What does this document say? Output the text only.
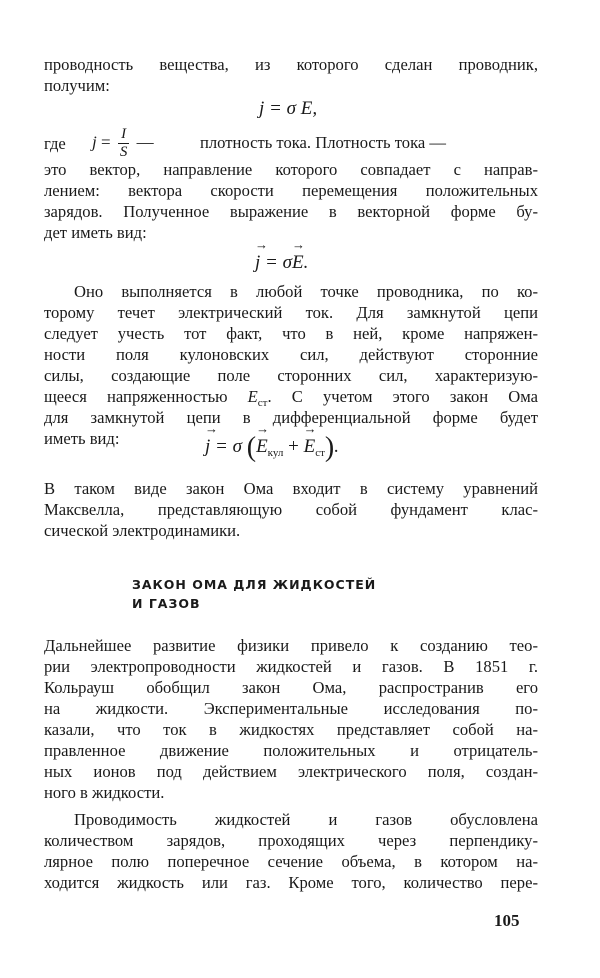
проводность вещества, из которого сделан проводник,
получим:
j = σ E,
где $j = \frac{I}{S}$ —	плотность тока. Плотность тока —
это вектор, направление которого совпадает с направ-
лением: вектора скорости перемещения положительных
зарядов. Полученное выражение в векторной форме бу-
дет иметь вид:
→ j = σ→ E.
Оно выполняется в любой точке проводника, по ко-
торому течет электрический ток. Для замкнутой цепи
следует учесть тот факт, что в ней, кроме напряжен-
ности поля кулоновских сил, действуют сторонние
силы, создающие поле сторонних сил, характеризую-
щееся напряженностью $E_{ст}$. С учетом этого закон Ома
для замкнутой цепи в дифференциальной форме будет
иметь вид:
→	j = σ (→ $E_{кул}$ + → $E_{ст}$).
В таком виде закон Ома входит в систему уравнений
Максвелла, представляющую собой фундамент клас-
сической электродинамики.
ЗАКОН ОМА ДЛЯ ЖИДКОСТЕЙ
И ГАЗОВ
Дальнейшее развитие физики привело к созданию тео-
рии электропроводности жидкостей и газов. В 1851 г.
Кольрауш обобщил закон Ома, распространив его
на жидкости. Экспериментальные исследования по-
казали, что ток в жидкостях представляет собой на-
правленное движение положительных и отрицатель-
ных ионов под действием электрического поля, создан-
ного в жидкости.
Проводимость жидкостей и газов обусловлена
количеством зарядов, проходящих через перпендику-
лярное полю поперечное сечение объема, в котором на-
ходится жидкость или газ. Кроме того, количество пере-
105
